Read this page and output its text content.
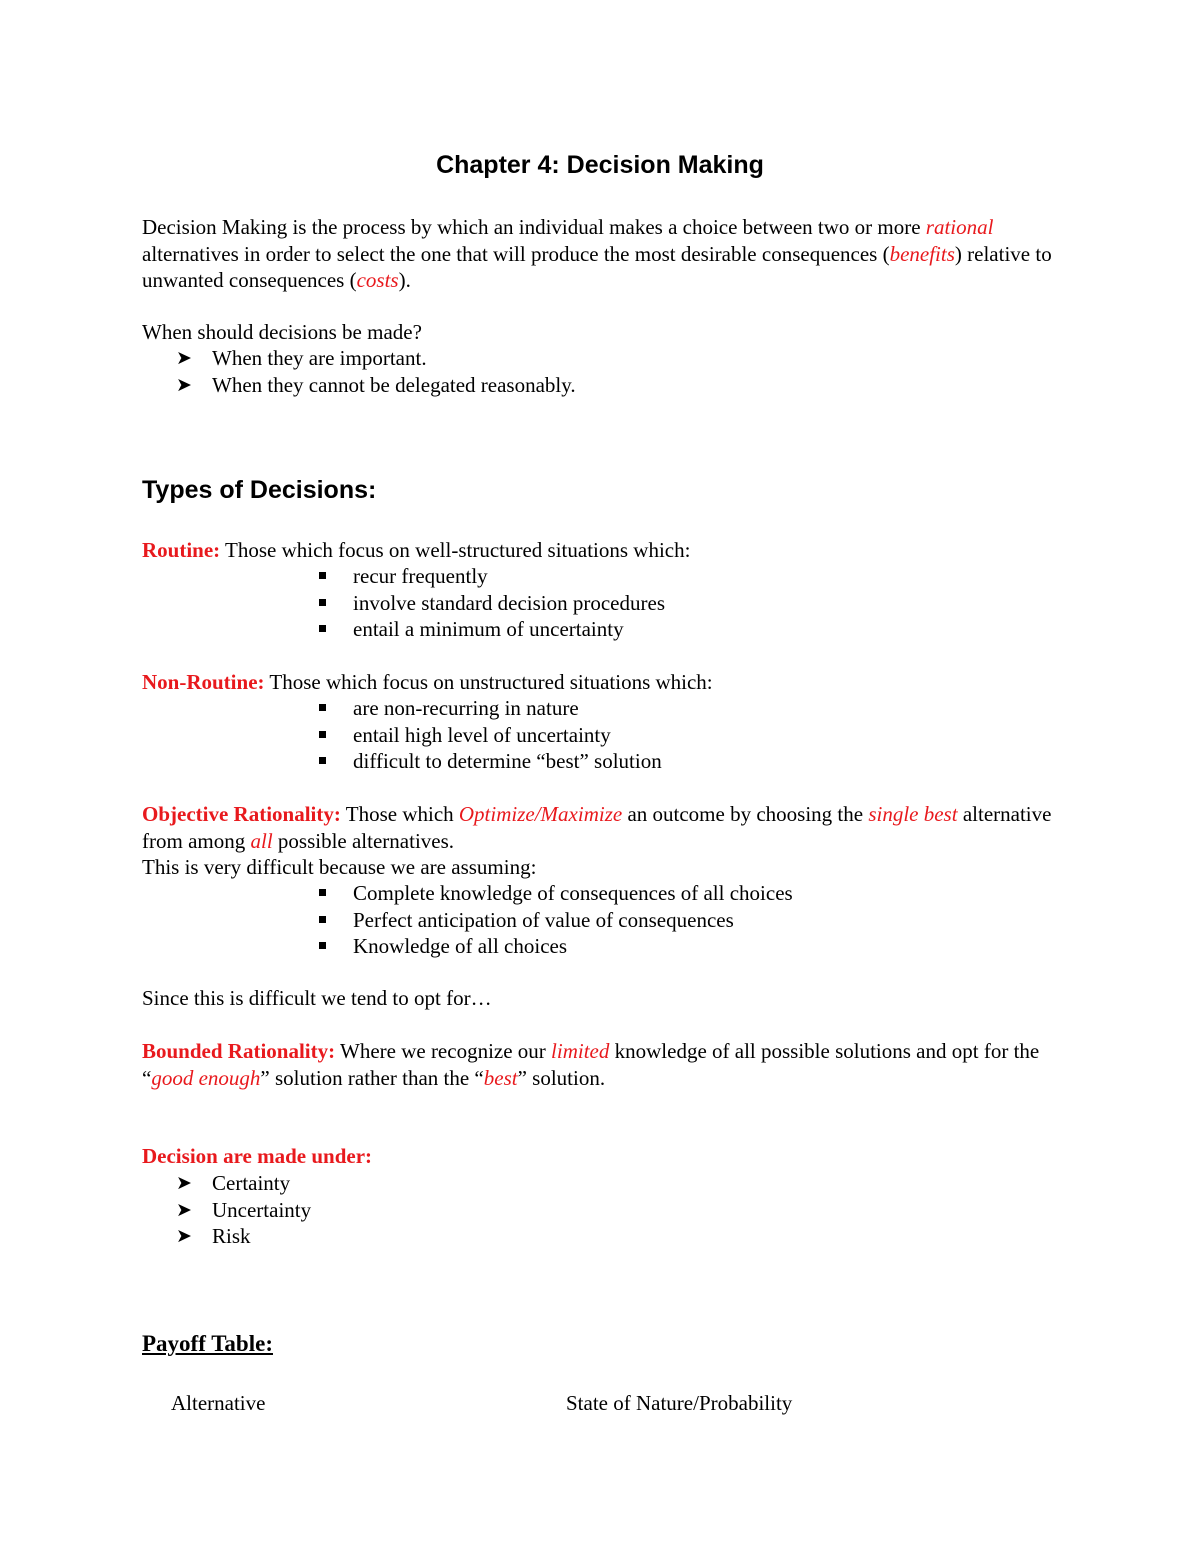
Chapter 4: Decision Making
Decision Making is the process by which an individual makes a choice between two or more rational alternatives in order to select the one that will produce the most desirable consequences (benefits) relative to unwanted consequences (costs).
When should decisions be made?
➤ When they are important.
➤ When they cannot be delegated reasonably.
Types of Decisions:
Routine: Those which focus on well-structured situations which:
recur frequently
involve standard decision procedures
entail a minimum of uncertainty
Non-Routine: Those which focus on unstructured situations which:
are non-recurring in nature
entail high level of uncertainty
difficult to determine “best” solution
Objective Rationality: Those which Optimize/Maximize an outcome by choosing the single best alternative from among all possible alternatives.
This is very difficult because we are assuming:
Complete knowledge of consequences of all choices
Perfect anticipation of value of consequences
Knowledge of all choices
Since this is difficult we tend to opt for…
Bounded Rationality: Where we recognize our limited knowledge of all possible solutions and opt for the “good enough” solution rather than the “best” solution.
Decision are made under:
➤ Certainty
➤ Uncertainty
➤ Risk
Payoff Table:
Alternative	State of Nature/Probability
